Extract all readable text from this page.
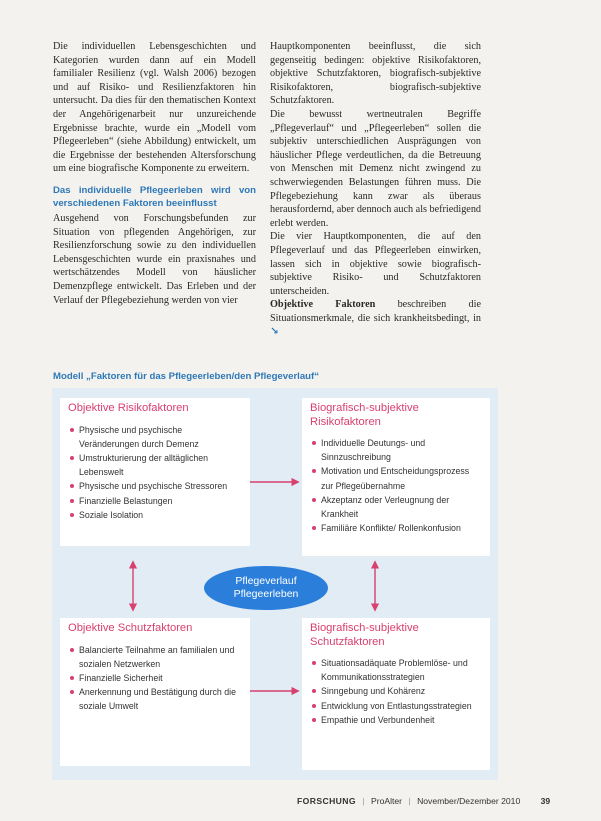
Die individuellen Lebensgeschichten und Kategorien wurden dann auf ein Modell familialer Resilienz (vgl. Walsh 2006) bezogen und auf Risiko- und Resilienzfaktoren hin untersucht. Da dies für den thematischen Kontext der Angehörigenarbeit nur unzureichende Ergebnisse brachte, wurde ein „Modell vom Pflegeerleben“ (siehe Abbildung) entwickelt, um die Ergebnisse der bestehenden Altersforschung um eine biografische Komponente zu erweitern.

Das individuelle Pflegeerleben wird von verschiedenen Faktoren beeinflusst

Ausgehend von Forschungsbefunden zur Situation von pflegenden Angehörigen, zur Resilienzforschung sowie zu den individuellen Lebensgeschichten wurde ein praxisnahes und wertschätzendes Modell von häuslicher Demenzpflege entwickelt. Das Erleben und der Verlauf der Pflegebeziehung werden von vier

Hauptkomponenten beeinflusst, die sich gegenseitig bedingen: objektive Risikofaktoren, objektive Schutzfaktoren, biografisch-subjektive Risikofaktoren, biografisch-subjektive Schutzfaktoren.

Die bewusst wertneutralen Begriffe „Pflegeverlauf“ und „Pflegeerleben“ sollen die subjektiv unterschiedlichen Ausprägungen von häuslicher Pflege verdeutlichen, da die Betreuung von Menschen mit Demenz nicht zwingend zu schwerwiegenden Belastungen führen muss. Die Pflegebeziehung kann zwar als überaus herausfordernd, aber dennoch auch als befriedigend erlebt werden.

Die vier Hauptkomponenten, die auf den Pflegeverlauf und das Pflegeerleben einwirken, lassen sich in objektive sowie biografisch-subjektive Risiko- und Schutzfaktoren unterscheiden.

Objektive Faktoren beschreiben die Situationsmerkmale, die sich krankheitsbedingt, in ↘

Modell „Faktoren für das Pflegeerleben/den Pflegeverlauf“
Objektive Risikofaktoren
Physische und psychische Veränderungen durch Demenz
Umstrukturierung der alltäglichen Lebenswelt
Physische und psychische Stressoren
Finanzielle Belastungen
Soziale Isolation
Biografisch-subjektive Risikofaktoren
Individuelle Deutungs- und Sinnzuschreibung
Motivation und Entscheidungsprozess zur Pflegeübernahme
Akzeptanz oder Verleugnung der Krankheit
Familiäre Konflikte/ Rollenkonfusion
Pflegeverlauf
Pflegeerleben
Objektive Schutzfaktoren
Balancierte Teilnahme an familialen und sozialen Netzwerken
Finanzielle Sicherheit
Anerkennung und Bestätigung durch die soziale Umwelt
Biografisch-subjektive Schutzfaktoren
Situationsadäquate Problemlöse- und Kommunikationsstrategien
Sinngebung und Kohärenz
Entwicklung von Entlastungsstrategien
Empathie und Verbundenheit
FORSCHUNG | ProAlter | November/Dezember 2010 39
